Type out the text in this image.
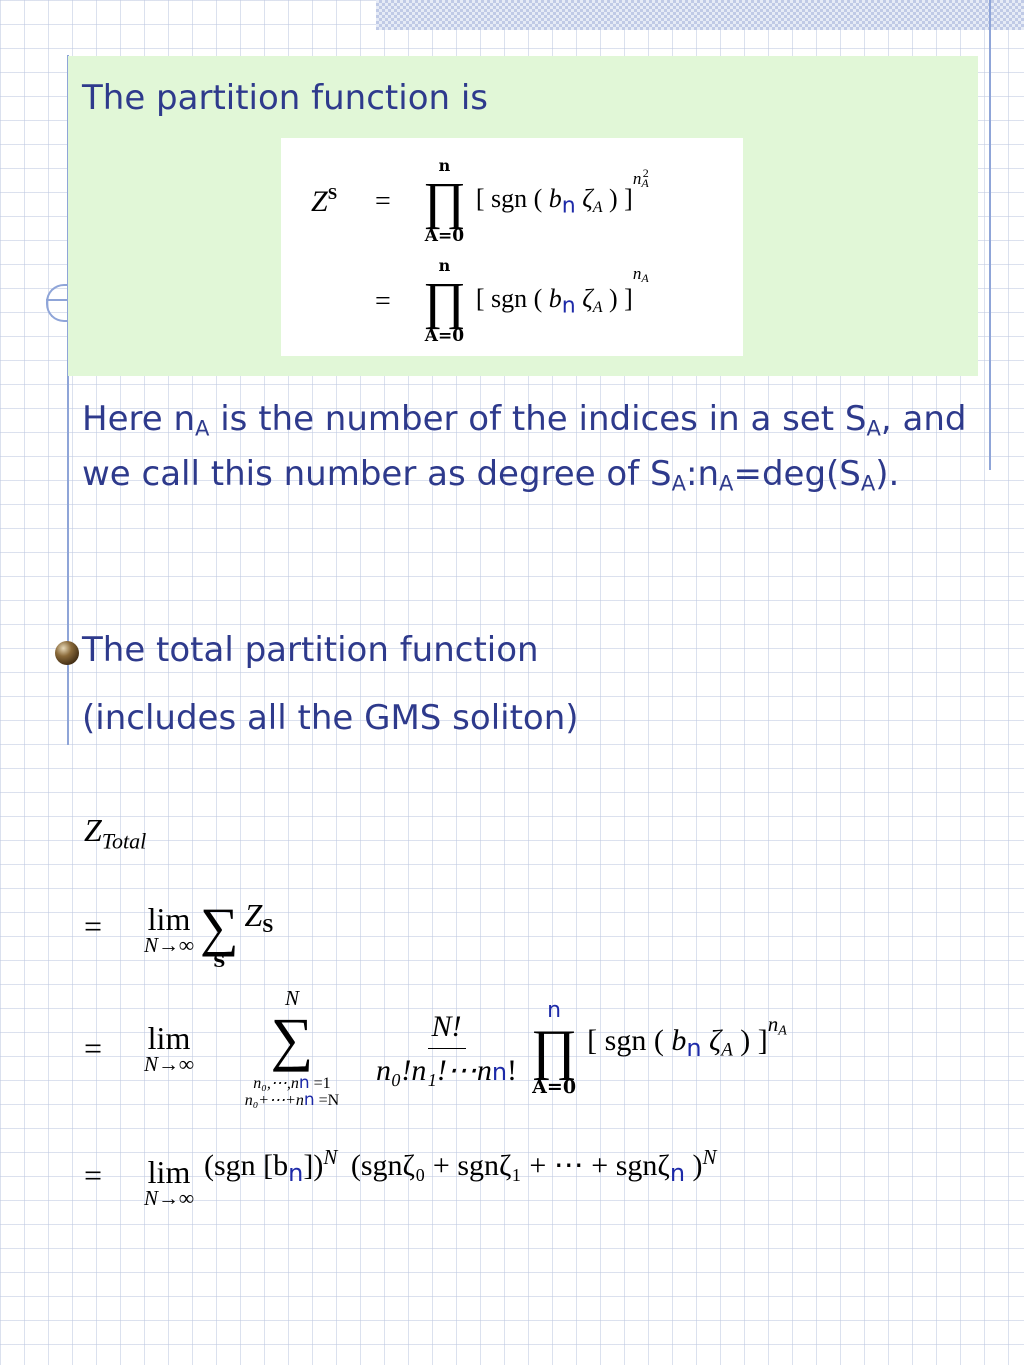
The partition function is
$Z^S$	=
n
∏
A=0
[ sgn ( $b_n$ ζA ) ]
$n_A^2$
=
n
∏
A=0
[ sgn ( $b_n$ ζA ) ]
$n_A$
Here $n_A$ is the number of the indices in a set $S_A$, and we call this number as degree of $S_A:n_A=deg(S_A)$.
The total partition function
(includes all the GMS soliton)
$Z_{Total}$
=	lim
N→∞ ∑
S
ZS
=	lim
N→∞
N
∑
n₀,⋯,nn =1
n₀+⋯+nn =N
$\frac{N!}{\text{n₀!n₁!⋯nn!}}$ n
∏
A=0
[ sgn ( $b_n$ ζA ) ] $n_A$
=	lim
N→∞
(sgn $[b_n])^N$ (sgnζ₀ + sgnζ₁ + ⋯ + sgnζ$_n$ )$^N$
